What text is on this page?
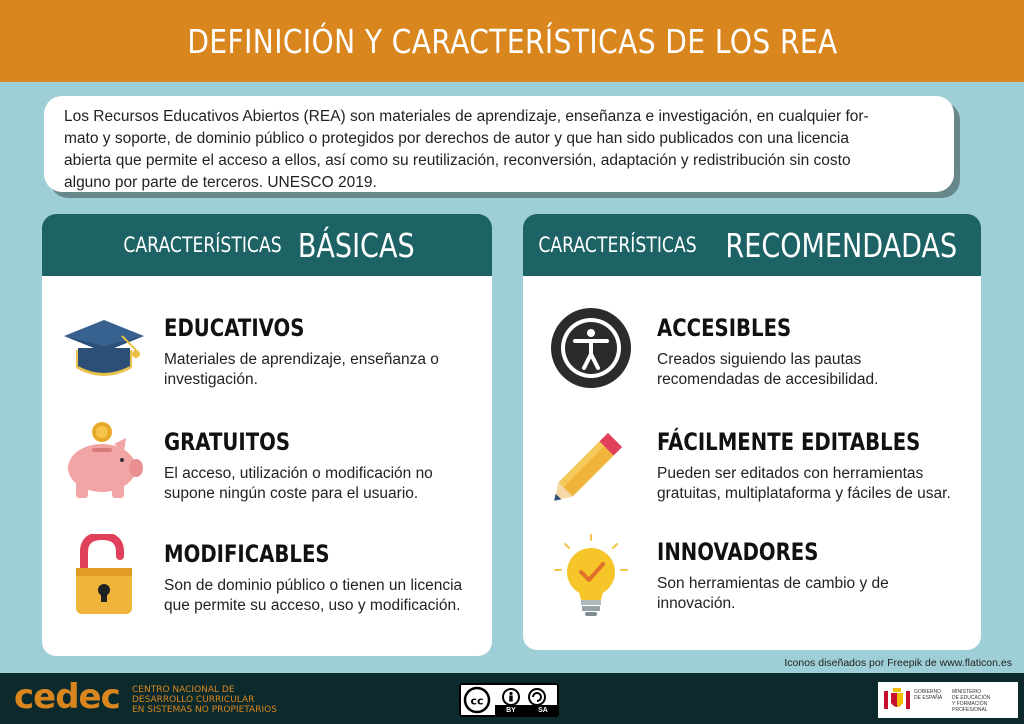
DEFINICIÓN Y CARACTERÍSTICAS DE LOS REA

Los Recursos Educativos Abiertos (REA) son materiales de aprendizaje, enseñanza e investigación, en cualquier for-

mato y soporte, de dominio público o protegidos por derechos de autor y que han sido publicados con una licencia

abierta que permite el acceso a ellos, así como su reutilización, reconversión, adaptación y redistribución sin costo

alguno por parte de terceros. UNESCO 2019.

CARACTERÍSTICAS BÁSICAS
EDUCATIVOS

Materiales de aprendizaje, enseñanza o
investigación.

GRATUITOS

El acceso, utilización o modificación no
supone ningún coste para el usuario.

MODIFICABLES

Son de dominio público o tienen un licencia
que permite su acceso, uso y modificación.

CARACTERÍSTICAS RECOMENDADAS
ACCESIBLES

Creados siguiendo las pautas
recomendadas de accesibilidad.

FÁCILMENTE EDITABLES

Pueden ser editados con herramientas
gratuitas, multiplataforma y fáciles de usar.

INNOVADORES

Son herramientas de cambio y de
innovación.

Iconos diseñados por Freepik de www.flaticon.es
cedec CENTRO NACIONAL DE
DESARROLLO CURRICULAR
EN SISTEMAS NO PROPIETARIOS
cc
BY	SA
GOBIERNO
DE ESPAÑA
MINISTERIO
DE EDUCACIÓN
Y FORMACIÓN PROFESIONAL
